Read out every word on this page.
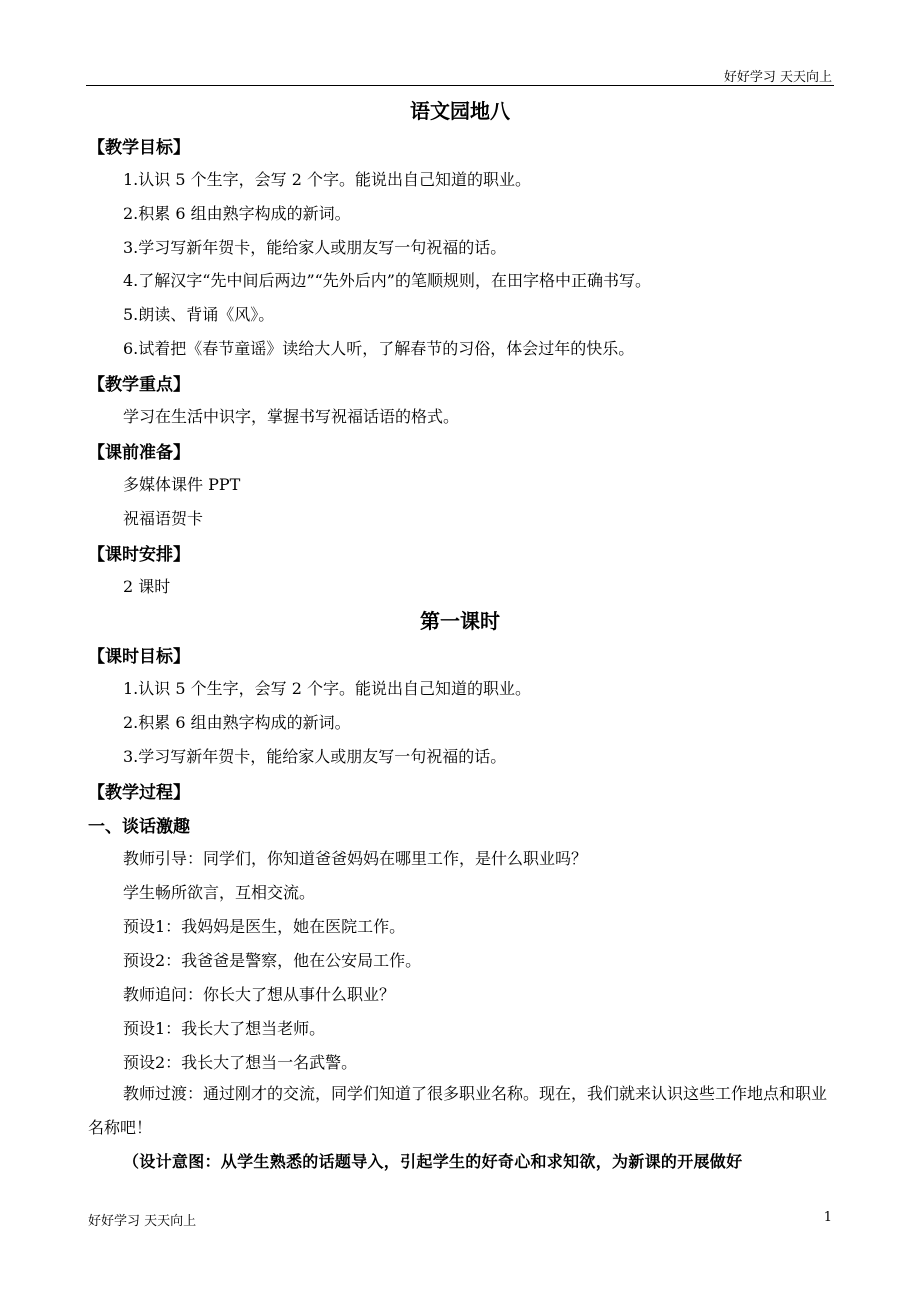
好好学习 天天向上
语文园地八
【教学目标】
1.认识 5 个生字，会写 2 个字。能说出自己知道的职业。
2.积累 6 组由熟字构成的新词。
3.学习写新年贺卡，能给家人或朋友写一句祝福的话。
4.了解汉字“先中间后两边”“先外后内”的笔顺规则，在田字格中正确书写。
5.朗读、背诵《风》。
6.试着把《春节童谣》读给大人听，了解春节的习俗，体会过年的快乐。
【教学重点】
学习在生活中识字，掌握书写祝福话语的格式。
【课前准备】
多媒体课件 PPT
祝福语贺卡
【课时安排】
2 课时
第一课时
【课时目标】
1.认识 5 个生字，会写 2 个字。能说出自己知道的职业。
2.积累 6 组由熟字构成的新词。
3.学习写新年贺卡，能给家人或朋友写一句祝福的话。
【教学过程】
一、谈话激趣
教师引导：同学们，你知道爸爸妈妈在哪里工作，是什么职业吗？
学生畅所欲言，互相交流。
预设1：我妈妈是医生，她在医院工作。
预设2：我爸爸是警察，他在公安局工作。
教师追问：你长大了想从事什么职业？
预设1：我长大了想当老师。
预设2：我长大了想当一名武警。
教师过渡：通过刚才的交流，同学们知道了很多职业名称。现在，我们就来认识这些工作地点和职业名称吧！
（设计意图：从学生熟悉的话题导入，引起学生的好奇心和求知欲，为新课的开展做好
好好学习 天天向上	1
